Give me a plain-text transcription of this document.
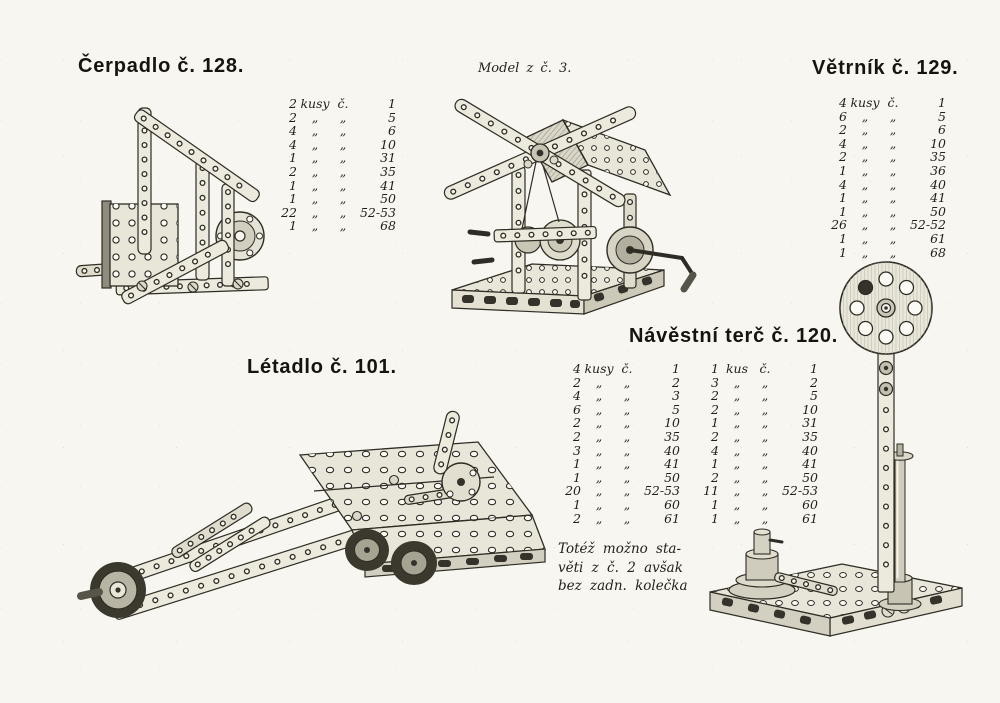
Čerpadlo č. 128.	Model z č. 3.	Větrník č. 129.
Létadlo č. 101.
Návěstní terč č. 120.
2 kusy č.	1
2	„	„	5
4	„	„	6
4	„	„	10
1	„	„	31
2	„	„	35
1	„	„	41
1	„	„	50
22	„	„	52-53
1	„	„	68
4 kusy č.	1
6	„	„	5
2	„	„	6
4	„	„	10
2	„	„	35
1	„	„	36
4	„	„	40
1	„	„	41
1	„	„	50
26	„	„	52-52
1	„	„	61
1	„	„	68
4 kusy č.	1
2	„	„	2
4	„	„	3
6	„	„	5
2	„	„	10
2	„	„	35
3	„	„	40
1	„	„	41
1	„	„	50
20	„	„	52-53
1	„	„	60
2	„	„	61
1 kus č.	1
3	„	„	2
2	„	„	5
2	„	„	10
1	„	„	31
2	„	„	35
4	„	„	40
1	„	„	41
2	„	„	50
11	„	„	52-53
1	„	„	60
1	„	„	61
Totéž možno sta-
věti z č. 2 avšak
bez zadn. kolečka
